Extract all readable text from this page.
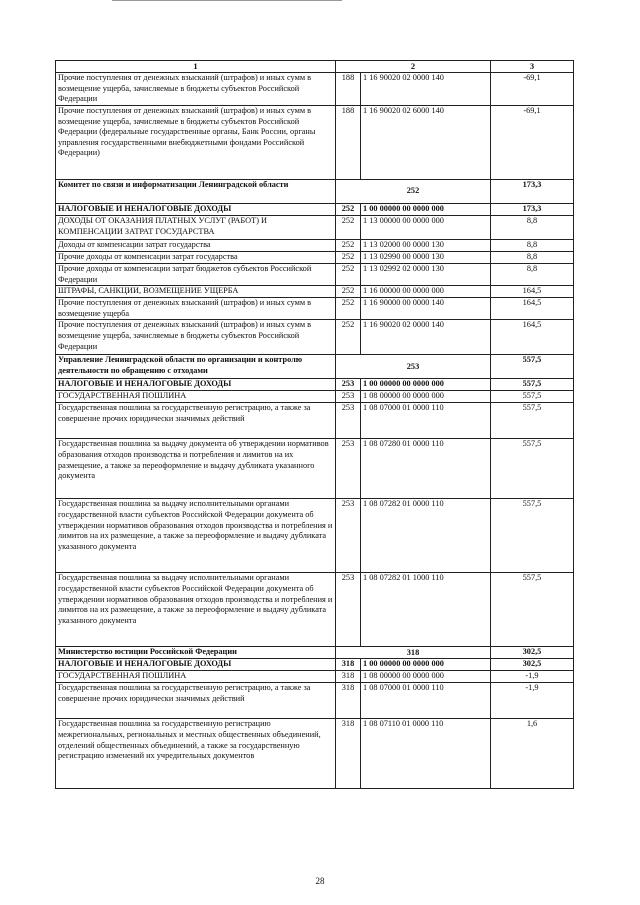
1	2		3
Прочие поступления от денежных взысканий (штрафов) и иных сумм в возмещение ущерба, зачисляемые в бюджеты субъектов Российской Федерации	188	1 16 90020 02 0000 140	-69,1
Прочие поступления от денежных взысканий (штрафов) и иных сумм в возмещение ущерба, зачисляемые в бюджеты субъектов Российской Федерации (федеральные государственные органы, Банк России, органы управления государственными внебюджетными фондами Российской Федерации)	188	1 16 90020 02 6000 140	-69,1
Комитет по связи и информатизации Ленинградской области	252		173,3
НАЛОГОВЫЕ И НЕНАЛОГОВЫЕ ДОХОДЫ	252	1 00 00000 00 0000 000	173,3
ДОХОДЫ ОТ ОКАЗАНИЯ ПЛАТНЫХ УСЛУГ (РАБОТ) И КОМПЕНСАЦИИ ЗАТРАТ ГОСУДАРСТВА	252	1 13 00000 00 0000 000	8,8
Доходы от компенсации затрат государства	252	1 13 02000 00 0000 130	8,8
Прочие доходы от компенсации затрат государства	252	1 13 02990 00 0000 130	8,8
Прочие доходы от компенсации затрат бюджетов субъектов Российской Федерации	252	1 13 02992 02 0000 130	8,8
ШТРАФЫ, САНКЦИИ, ВОЗМЕЩЕНИЕ УЩЕРБА	252	1 16 00000 00 0000 000	164,5
Прочие поступления от денежных взысканий (штрафов) и иных сумм в возмещение ущерба	252	1 16 90000 00 0000 140	164,5
Прочие поступления от денежных взысканий (штрафов) и иных сумм в возмещение ущерба, зачисляемые в бюджеты субъектов Российской Федерации	252	1 16 90020 02 0000 140	164,5
Управление Ленинградской области по организации и контролю деятельности по обращению с отходами	253		557,5
НАЛОГОВЫЕ И НЕНАЛОГОВЫЕ ДОХОДЫ	253	1 00 00000 00 0000 000	557,5
ГОСУДАРСТВЕННАЯ ПОШЛИНА	253	1 08 00000 00 0000 000	557,5
Государственная пошлина за государственную регистрацию, а также за совершение прочих юридически значимых действий	253	1 08 07000 01 0000 110	557,5
Государственная пошлина за выдачу документа об утверждении нормативов образования отходов производства и потребления и лимитов на их размещение, а также за переоформление и выдачу дубликата указанного документа	253	1 08 07280 01 0000 110	557,5
Государственная пошлина за выдачу исполнительными органами государственной власти субъектов Российской Федерации документа об утверждении нормативов образования отходов производства и потребления и лимитов на их размещение, а также за переоформление и выдачу дубликата указанного документа	253	1 08 07282 01 0000 110	557,5
Государственная пошлина за выдачу исполнительными органами государственной власти субъектов Российской Федерации документа об утверждении нормативов образования отходов производства и потребления и лимитов на их размещение, а также за переоформление и выдачу дубликата указанного документа	253	1 08 07282 01 1000 110	557,5
Министерство юстиции Российской Федерации	318		302,5
НАЛОГОВЫЕ И НЕНАЛОГОВЫЕ ДОХОДЫ	318	1 00 00000 00 0000 000	302,5
ГОСУДАРСТВЕННАЯ ПОШЛИНА	318	1 08 00000 00 0000 000	-1,9
Государственная пошлина за государственную регистрацию, а также за совершение прочих юридически значимых действий	318	1 08 07000 01 0000 110	-1,9
Государственная пошлина за государственную регистрацию межрегиональных, региональных и местных общественных объединений, отделений общественных объединений, а также за государственную регистрацию изменений их учредительных документов	318	1 08 07110 01 0000 110	1,6
28
